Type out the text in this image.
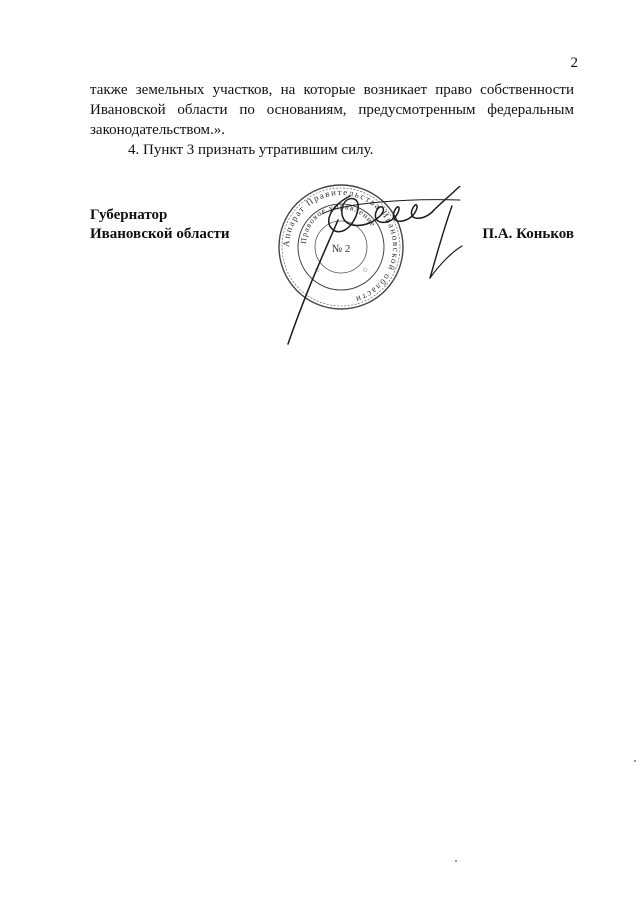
2

также земельных участков, на которые возникает право собственности Ивановской области по основаниям, предусмотренным федеральным законодательством.».

4. Пункт 3 признать утратившим силу.

Губернатор
Ивановской области
Аппарат Правительства Ивановской области
Правовое управление
№ 2
☆	☆
П.А. Коньков
